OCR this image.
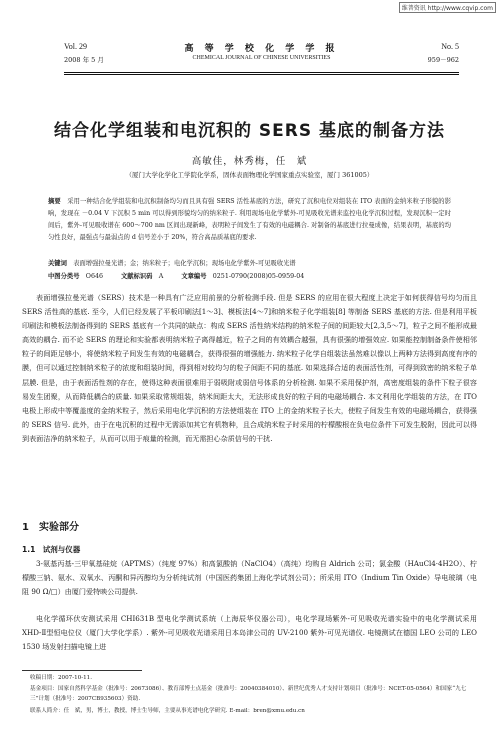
维普资讯 http://www.cqvip.com
Vol. 29
2008 年 5 月
高 等 学 校 化 学 学 报
CHEMICAL JOURNAL OF CHINESE UNIVERSITIES
No. 5
959－962
结合化学组装和电沉积的 SERS 基底的制备方法
高敏佳，林秀梅，任　斌
（厦门大学化学化工学院化学系，固体表面物理化学国家重点实验室，厦门 361005）
摘要　 采用一种结合化学组装和电沉积制备均匀而且具有强 SERS 活性基底的方法，研究了沉积电位对组装在 ITO 表面的金纳米粒子形貌的影响，发现在 －0.04 V 下沉积 5 min 可以得到形貌均匀的纳米粒子. 利用现场电化学紫外-可见吸收光谱来监控电化学沉积过程，发现沉积一定时间后，紫外-可见吸收谱在 600～700 nm 区间出现新峰，表明粒子间发生了有效的电磁耦合. 对制备的基底进行拉曼成像，结果表明，基底的均匀性良好，最强点与最弱点的 d 信号差小于 20%，符合高品质基底的要求.
关键词　 表面增强拉曼光谱；金；纳米粒子；电化学沉积；现场电化学紫外-可见吸收光谱
中图分类号　 O646	文献标识码　 A	文章编号　 0251-0790(2008)05-0959-04
表面增强拉曼光谱（SERS）技术是一种具有广泛应用前景的分析检测手段. 但是 SERS 的应用在很大程度上决定于如何获得信号均匀而且 SERS 活性高的基底. 至今，人们已经发展了平板印刷法[1～3]、模板法[4～7]和纳米粒子化学组装[8] 等制备 SERS 基底的方法. 但是利用平板印刷法和模板法制备得到的 SERS 基底有一个共同的缺点：构成 SERS 活性纳米结构的纳米粒子间的间距较大[2,3,5～7]，粒子之间不能形成最高效的耦合. 而不论 SERS 的理论和实验都表明纳米粒子离得越近，粒子之间的有效耦合越强，具有很强的增强效应. 如果能控制制备条件使相邻粒子的间距足够小，将使纳米粒子间发生有效的电磁耦合，获得很强的增强能力. 纳米粒子化学自组装法虽然难以像以上两种方法得到高度有序的膜，但可以通过控制纳米粒子的浓度和组装时间，得到相对较均匀的粒子间距不同的基底. 如果选择合适的表面活性剂，可得到致密的纳米粒子单层膜. 但是，由于表面活性剂的存在，使得这种表面很难用于弱吸附或弱信号体系的分析检测. 如果不采用保护剂，高密度组装的条件下粒子很容易发生团聚，从而降低耦合的质量. 如果采取常规组装，纳米间距太大，无法形成良好的粒子间的电磁场耦合. 本文利用化学组装的方法，在 ITO 电极上形成中等覆盖度的金纳米粒子，然后采用电化学沉积的方法使组装在 ITO 上的金纳米粒子长大，使粒子间发生有效的电磁场耦合，获得强的 SERS 信号. 此外，由于在电沉积的过程中无需添加其它有机物种，且合成纳米粒子时采用的柠檬酸根在负电位条件下可发生脱附，因此可以得到表面洁净的纳米粒子，从而可以用于痕量的检测，而无需担心杂质信号的干扰.
1　实验部分
1.1　试剂与仪器
3-氨基丙基-三甲氧基硅烷（APTMS）（纯度 97%）和高氯酸钠（NaClO4）（高纯）均购自 Aldrich 公司；氯金酸（HAuCl4·4H2O）、柠檬酸三钠、氨水、双氧水、丙酮和异丙醇均为分析纯试剂（中国医药集团上海化学试剂公司）；所采用 ITO（Indium Tin Oxide）导电玻璃（电阻 90 Ω/□）由厦门爱特映公司提供.
电化学循环伏安测试采用 CHI631B 型电化学测试系统（上海辰华仪器公司），电化学现场紫外-可见吸收光谱实验中的电化学测试采用 XHD-Ⅱ型恒电位仪（厦门大学化学系）. 紫外-可见吸收光谱采用日本岛津公司的 UV-2100 紫外-可见光谱仪. 电镜测试在德国 LEO 公司的 LEO 1530 场发射扫描电镜上进
收稿日期：2007-10-11.
基金项目：国家自然科学基金（批准号：20673086）、教育部博士点基金（批准号：20040384010）、新世纪优秀人才支持计划项目（批准号：NCET-05-0564）和国家“九七三”计划（批准号：2007CB935603）资助.
联系人简介：任　斌，男，博士，教授，博士生导师，主要从事光谱电化学研究. E-mail：bren@xmu.edu.cn
